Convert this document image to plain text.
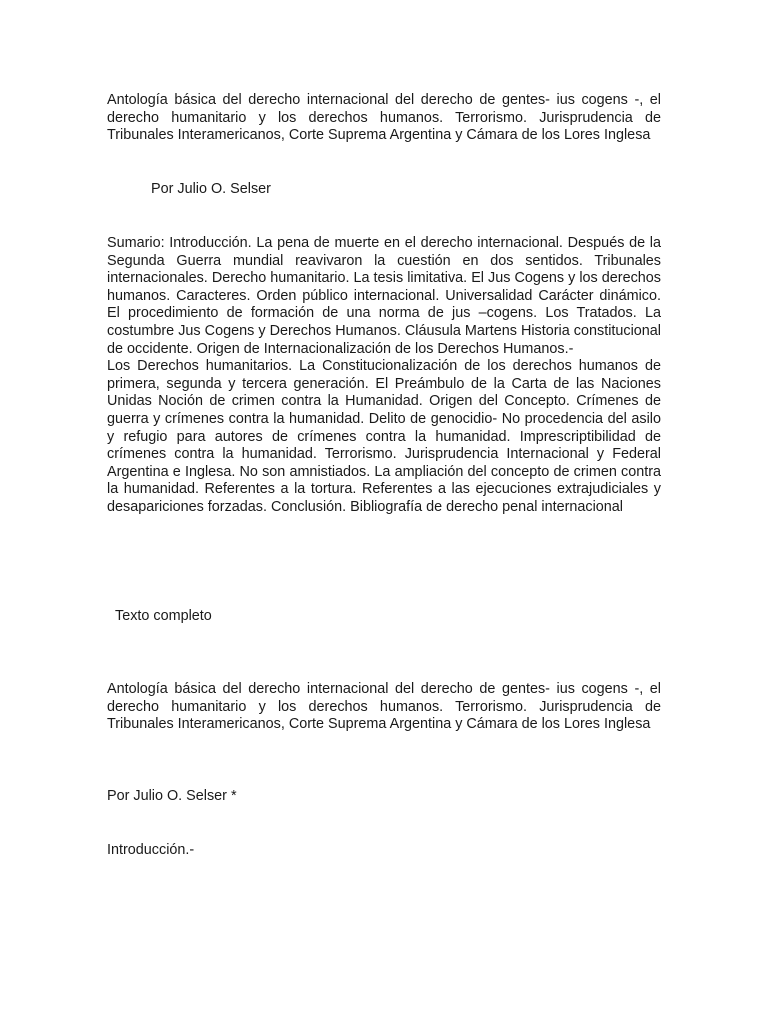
Antología básica del derecho internacional del derecho de gentes- ius cogens -, el derecho humanitario y los derechos humanos. Terrorismo. Jurisprudencia de Tribunales Interamericanos, Corte Suprema Argentina y Cámara de los Lores Inglesa
Por Julio O. Selser

Sumario: Introducción. La pena de muerte en el derecho internacional. Después de la Segunda Guerra mundial reavivaron la cuestión en dos sentidos. Tribunales internacionales. Derecho humanitario. La tesis limitativa. El Jus Cogens y los derechos humanos. Caracteres. Orden público internacional. Universalidad Carácter dinámico. El procedimiento de formación de una norma de jus –cogens. Los Tratados. La costumbre Jus Cogens y Derechos Humanos. Cláusula Martens Historia constitucional de occidente. Origen de Internacionalización de los Derechos Humanos.-

Los Derechos humanitarios. La Constitucionalización de los derechos humanos de primera, segunda y tercera generación. El Preámbulo de la Carta de las Naciones Unidas Noción de crimen contra la Humanidad. Origen del Concepto. Crímenes de guerra y crímenes contra la humanidad. Delito de genocidio- No procedencia del asilo y refugio para autores de crímenes contra la humanidad. Imprescriptibilidad de crímenes contra la humanidad. Terrorismo. Jurisprudencia Internacional y Federal Argentina e Inglesa. No son amnistiados. La ampliación del concepto de crimen contra la humanidad. Referentes a la tortura. Referentes a las ejecuciones extrajudiciales y desapariciones forzadas. Conclusión. Bibliografía de derecho penal internacional

Texto completo
Antología básica del derecho internacional del derecho de gentes- ius cogens -, el derecho humanitario y los derechos humanos. Terrorismo. Jurisprudencia de Tribunales Interamericanos, Corte Suprema Argentina y Cámara de los Lores Inglesa
Por Julio O. Selser *
Introducción.-
